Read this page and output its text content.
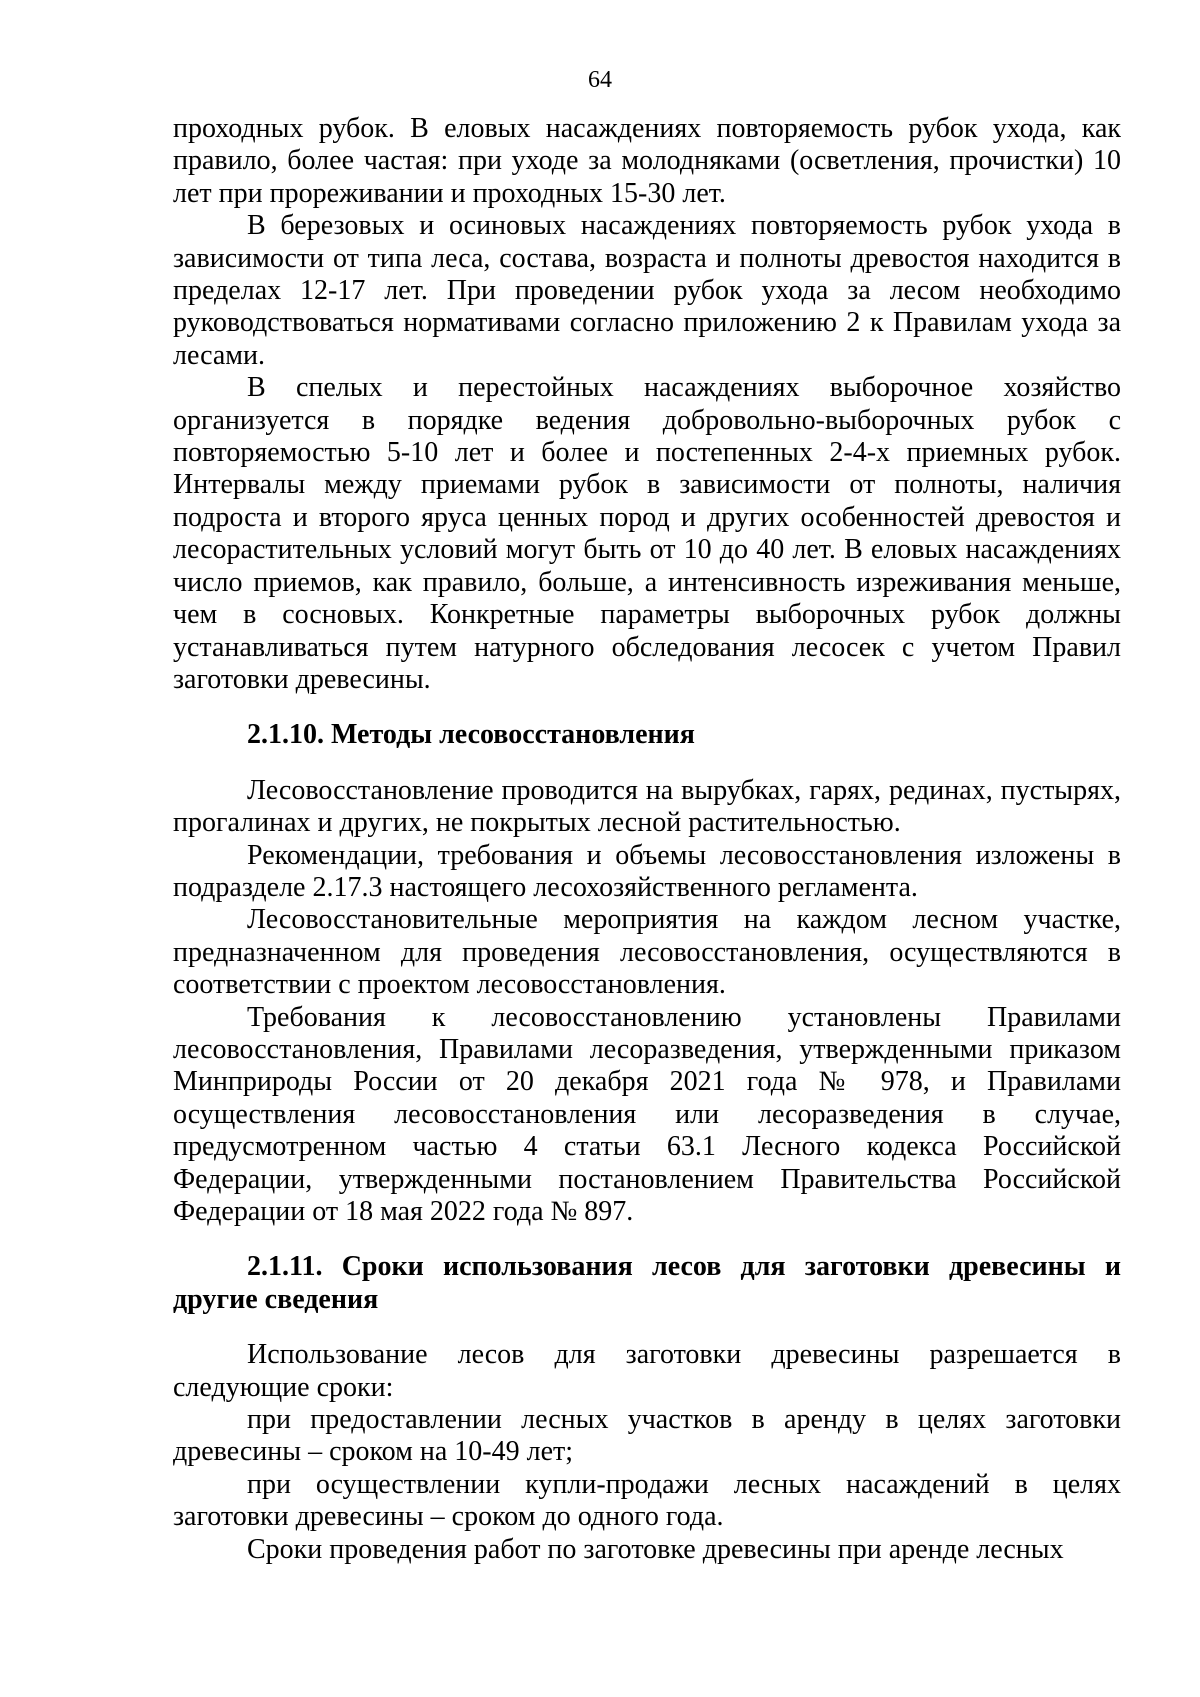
64

проходных рубок. В еловых насаждениях повторяемость рубок ухода, как правило, более частая: при уходе за молодняками (осветления, прочистки) 10 лет при прореживании и проходных 15-30 лет.

В березовых и осиновых насаждениях повторяемость рубок ухода в зависимости от типа леса, состава, возраста и полноты древостоя находится в пределах 12-17 лет. При проведении рубок ухода за лесом необходимо руководствоваться нормативами согласно приложению 2 к Правилам ухода за лесами.

В спелых и перестойных насаждениях выборочное хозяйство организуется в порядке ведения добровольно-выборочных рубок с повторяемостью 5-10 лет и более и постепенных 2-4-х приемных рубок. Интервалы между приемами рубок в зависимости от полноты, наличия подроста и второго яруса ценных пород и других особенностей древостоя и лесорастительных условий могут быть от 10 до 40 лет. В еловых насаждениях число приемов, как правило, больше, а интенсивность изреживания меньше, чем в сосновых. Конкретные параметры выборочных рубок должны устанавливаться путем натурного обследования лесосек с учетом Правил заготовки древесины.

2.1.10. Методы лесовосстановления

Лесовосстановление проводится на вырубках, гарях, рединах, пустырях, прогалинах и других, не покрытых лесной растительностью.

Рекомендации, требования и объемы лесовосстановления изложены в подразделе 2.17.3 настоящего лесохозяйственного регламента.

Лесовосстановительные мероприятия на каждом лесном участке, предназначенном для проведения лесовосстановления, осуществляются в соответствии с проектом лесовосстановления.

Требования к лесовосстановлению установлены Правилами лесовосстановления, Правилами лесоразведения, утвержденными приказом Минприроды России от 20 декабря 2021 года № 978, и Правилами осуществления лесовосстановления или лесоразведения в случае, предусмотренном частью 4 статьи 63.1 Лесного кодекса Российской Федерации, утвержденными постановлением Правительства Российской Федерации от 18 мая 2022 года № 897.

2.1.11. Сроки использования лесов для заготовки древесины и другие сведения

Использование лесов для заготовки древесины разрешается в следующие сроки:

при предоставлении лесных участков в аренду в целях заготовки древесины – сроком на 10-49 лет;

при осуществлении купли-продажи лесных насаждений в целях заготовки древесины – сроком до одного года.

Сроки проведения работ по заготовке древесины при аренде лесных
